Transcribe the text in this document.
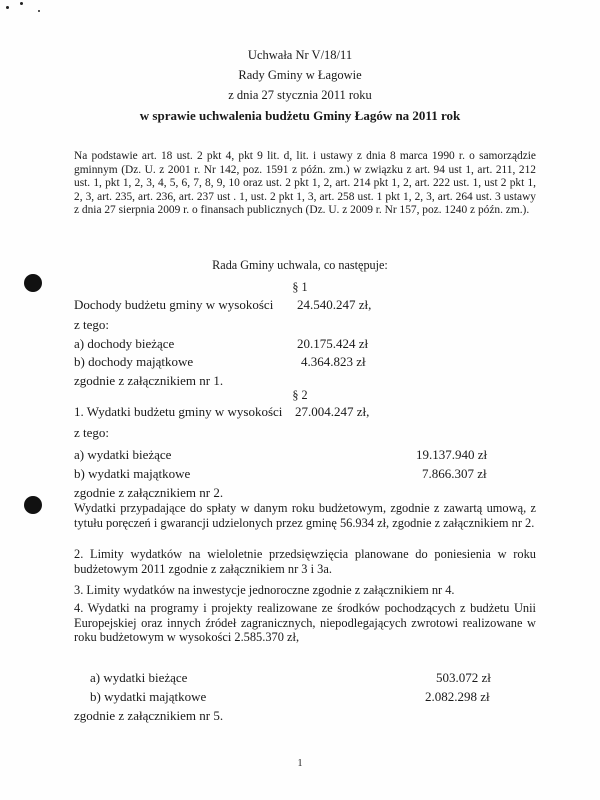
Uchwała Nr V/18/11
Rady Gminy w Łagowie
z dnia 27 stycznia 2011 roku
w sprawie uchwalenia budżetu Gminy Łagów na 2011 rok
Na podstawie art. 18 ust. 2 pkt 4, pkt 9 lit. d, lit. i ustawy z dnia 8 marca 1990 r. o samorządzie gminnym (Dz. U. z 2001 r. Nr 142, poz. 1591 z późn. zm.) w związku z art. 94 ust 1, art. 211, 212 ust. 1, pkt 1, 2, 3, 4, 5, 6, 7, 8, 9, 10 oraz ust. 2 pkt 1, 2, art. 214 pkt 1, 2, art. 222 ust. 1, ust 2 pkt 1, 2, 3, art. 235, art. 236, art. 237 ust . 1, ust. 2 pkt 1, 3, art. 258 ust. 1 pkt 1, 2, 3, art. 264 ust. 3 ustawy z dnia 27 sierpnia 2009 r. o finansach publicznych (Dz. U. z 2009 r. Nr 157, poz. 1240 z późn. zm.).
Rada Gminy uchwala, co następuje:
§ 1
Dochody budżetu gminy w wysokości 24.540.247 zł,
z tego:
a) dochody bieżące	20.175.424 zł
b) dochody majątkowe	4.364.823 zł
zgodnie z załącznikiem nr 1.
§ 2
1. Wydatki budżetu gminy w wysokości 27.004.247 zł,
z tego:
a) wydatki bieżące	19.137.940 zł
b) wydatki majątkowe	7.866.307 zł
zgodnie z załącznikiem nr 2.
Wydatki przypadające do spłaty w danym roku budżetowym, zgodnie z zawartą umową, z tytułu poręczeń i gwarancji udzielonych przez gminę 56.934 zł, zgodnie z załącznikiem nr 2.
2. Limity wydatków na wieloletnie przedsięwzięcia planowane do poniesienia w roku budżetowym 2011 zgodnie z załącznikiem nr 3 i 3a.
3. Limity wydatków na inwestycje jednoroczne zgodnie z załącznikiem nr 4.
4. Wydatki na programy i projekty realizowane ze środków pochodzących z budżetu Unii Europejskiej oraz innych źródeł zagranicznych, niepodlegających zwrotowi realizowane w roku budżetowym w wysokości 2.585.370 zł,
a) wydatki bieżące	503.072 zł
b) wydatki majątkowe	2.082.298 zł
zgodnie z załącznikiem nr 5.
1
